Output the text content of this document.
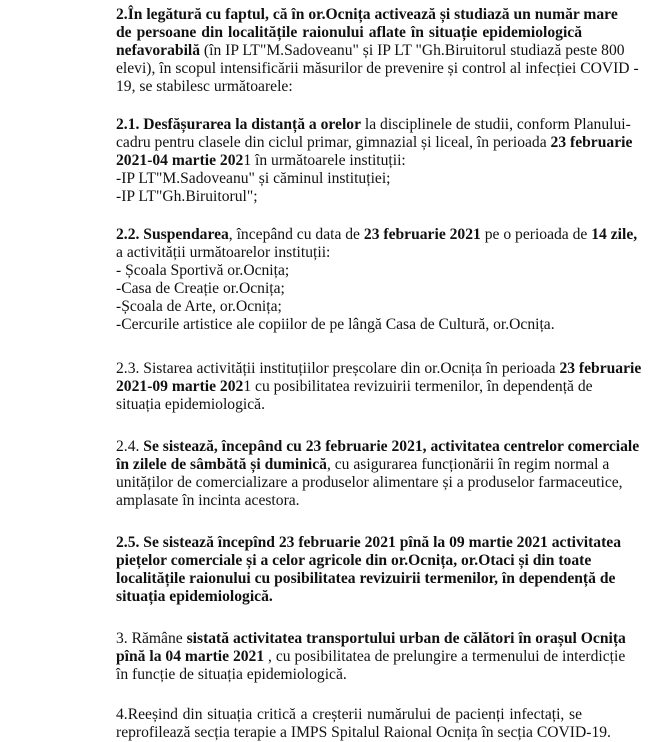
2.În legătură cu faptul, că în or.Ocnița activează și studiază un număr mare
de persoane din localitățile raionului aflate în situație epidemiologică
nefavorabilă (în IP LT"M.Sadoveanu" și IP LT "Gh.Biruitorul studiază peste 800
elevi), în scopul intensificării măsurilor de prevenire și control al infecției COVID -
19, se stabilesc următoarele:
2.1. Desfășurarea la distanță a orelor la disciplinele de studii, conform Planului-
cadru pentru clasele din ciclul primar, gimnazial și liceal, în perioada 23 februarie
2021-04 martie 2021 în următoarele instituții:
-IP LT"M.Sadoveanu" și căminul instituției;
-IP LT"Gh.Biruitorul";
2.2. Suspendarea, începând cu data de 23 februarie 2021 pe o perioada de 14 zile,
a activității următoarelor instituții:
- Școala Sportivă or.Ocnița;
-Casa de Creație or.Ocnița;
-Școala de Arte, or.Ocnița;
-Cercurile artistice ale copiilor de pe lângă Casa de Cultură, or.Ocnița.
2.3. Sistarea activității instituțiilor preșcolare din or.Ocnița în perioada 23 februarie
2021-09 martie 2021 cu posibilitatea revizuirii termenilor, în dependență de
situația epidemiologică.
2.4. Se sistează, începând cu 23 februarie 2021, activitatea centrelor comerciale
în zilele de sâmbătă și duminică, cu asigurarea funcționării în regim normal a
unităților de comercializare a produselor alimentare și a produselor farmaceutice,
amplasate în incinta acestora.
2.5. Se sistează începînd 23 februarie 2021 pînă la 09 martie 2021 activitatea
piețelor comerciale și a celor agricole din or.Ocnița, or.Otaci și din toate
localitățile raionului cu posibilitatea revizuirii termenilor, în dependență de
situația epidemiologică.
3. Rămâne sistată activitatea transportului urban de călători în orașul Ocnița
pînă la 04 martie 2021 , cu posibilitatea de prelungire a termenului de interdicție
în funcție de situația epidemiologică.
4.Reeșind din situația critică a creșterii numărului de pacienți infectați, se
reprofilează secția terapie a IMPS Spitalul Raional Ocnița în secția COVID-19.
